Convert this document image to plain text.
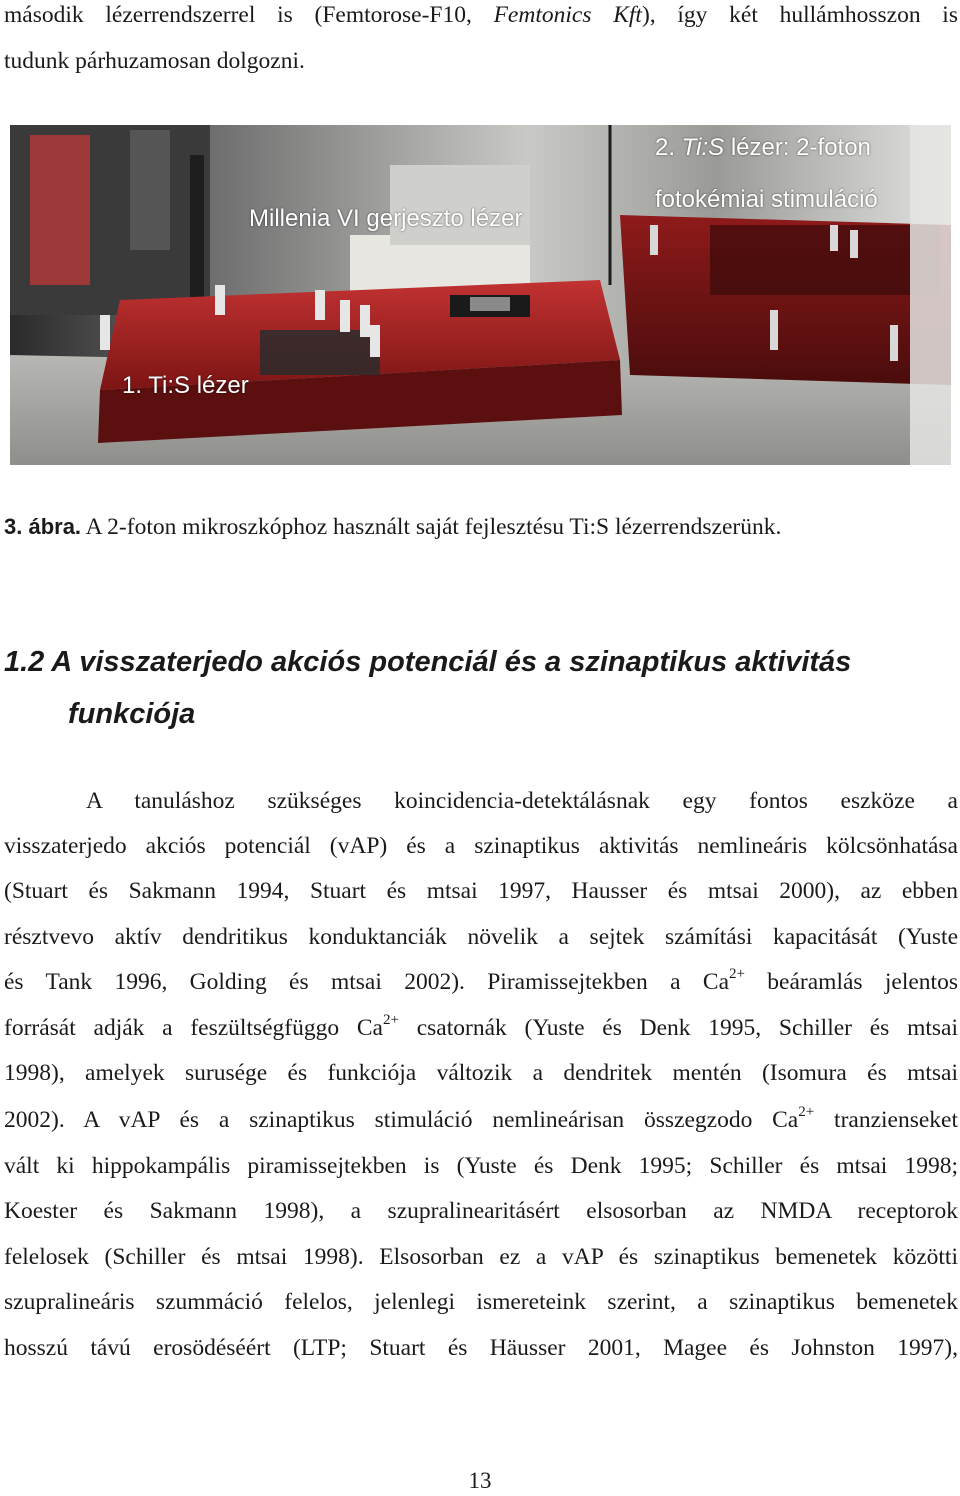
második lézerrendszerrel is (Femtorose-F10, Femtonics Kft), így két hullámhosszon is
tudunk párhuzamosan dolgozni.
Millenia VI gerjeszto lézer
2. Ti:S lézer: 2-foton
fotokémiai stimuláció
1. Ti:S lézer
3. ábra. A 2-foton mikroszkóphoz használt saját fejlesztésu Ti:S lézerrendszerünk.
1.2 A visszaterjedo akciós potenciál és a szinaptikus aktivitás
funkciója
A tanuláshoz szükséges koincidencia-detektálásnak egy fontos eszköze a
visszaterjedo akciós potenciál (vAP) és a szinaptikus aktivitás nemlineáris kölcsönhatása
(Stuart és Sakmann 1994, Stuart és mtsai 1997, Hausser és mtsai 2000), az ebben
résztvevo aktív dendritikus konduktanciák növelik a sejtek számítási kapacitását (Yuste
és Tank 1996, Golding és mtsai 2002). Piramissejtekben a $Ca^{2+}$ beáramlás jelentos
forrását adják a feszültségfüggo $Ca^{2+}$ csatornák (Yuste és Denk 1995, Schiller és mtsai
1998), amelyek surusége és funkciója változik a dendritek mentén (Isomura és mtsai
2002). A vAP és a szinaptikus stimuláció nemlineárisan összegzodo $Ca^{2+}$ tranzienseket
vált ki hippokampális piramissejtekben is (Yuste és Denk 1995; Schiller és mtsai 1998;
Koester és Sakmann 1998), a szupralinearitásért elsosorban az NMDA receptorok
felelosek (Schiller és mtsai 1998). Elsosorban ez a vAP és szinaptikus bemenetek közötti
szupralineáris szummáció felelos, jelenlegi ismereteink szerint, a szinaptikus bemenetek
hosszú távú erosödéséért (LTP; Stuart és Häusser 2001, Magee és Johnston 1997),
13
